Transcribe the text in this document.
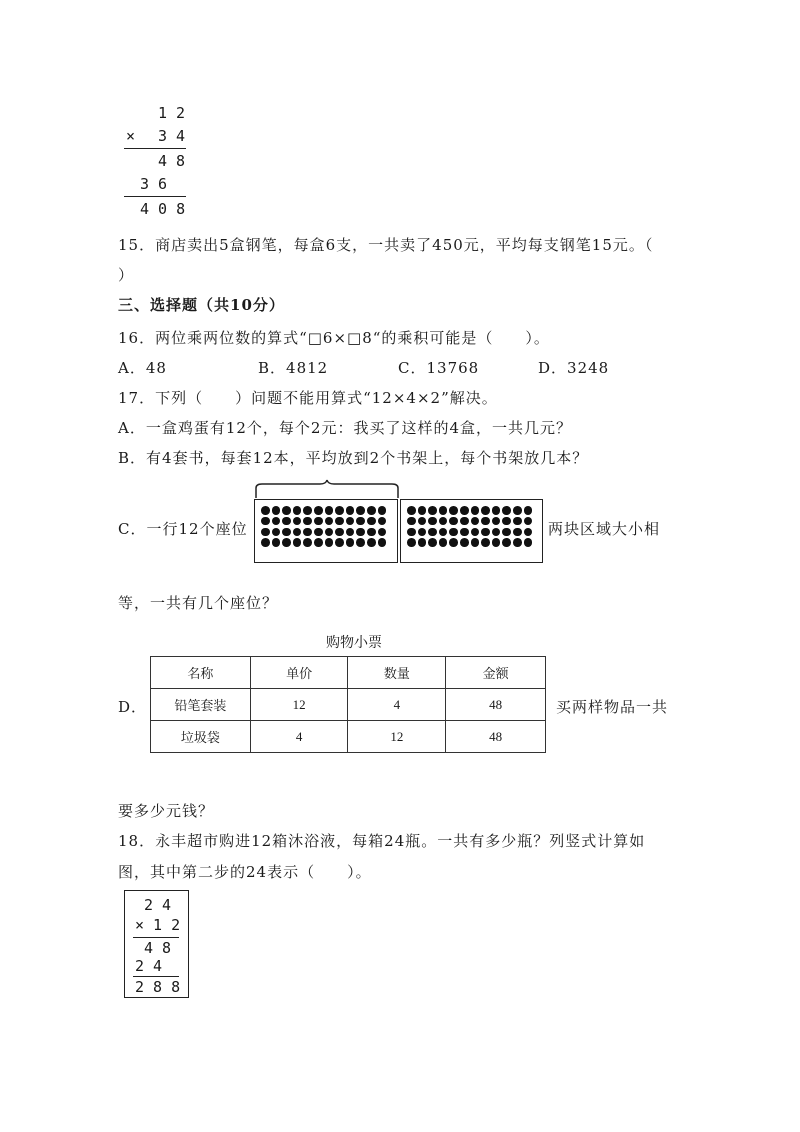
1 2
× 3 4
4 8
3 6
4 0 8
15．商店卖出5盒钢笔，每盒6支，一共卖了450元，平均每支钢笔15元。（
）
三、选择题（共10分）
16．两位乘两位数的算式“□6×□8“的乘积可能是（　　）。
A．48	B．4812	C．13768	D．3248
17．下列（　　）问题不能用算式“12×4×2”解决。
A．一盒鸡蛋有12个，每个2元：我买了这样的4盒，一共几元？
B．有4套书，每套12本，平均放到2个书架上，每个书架放几本？
C．一行12个座位	两块区域大小相
等，一共有几个座位？
购物小票
D．
名称	单价	数量	金额
铅笔套装	12	4	48
垃圾袋	4	12	48
买两样物品一共
要多少元钱？
18．永丰超市购进12箱沐浴液，每箱24瓶。一共有多少瓶？列竖式计算如
图，其中第二步的24表示（　　）。
2 4
× 1 2
4 8
2 4
2 8 8
